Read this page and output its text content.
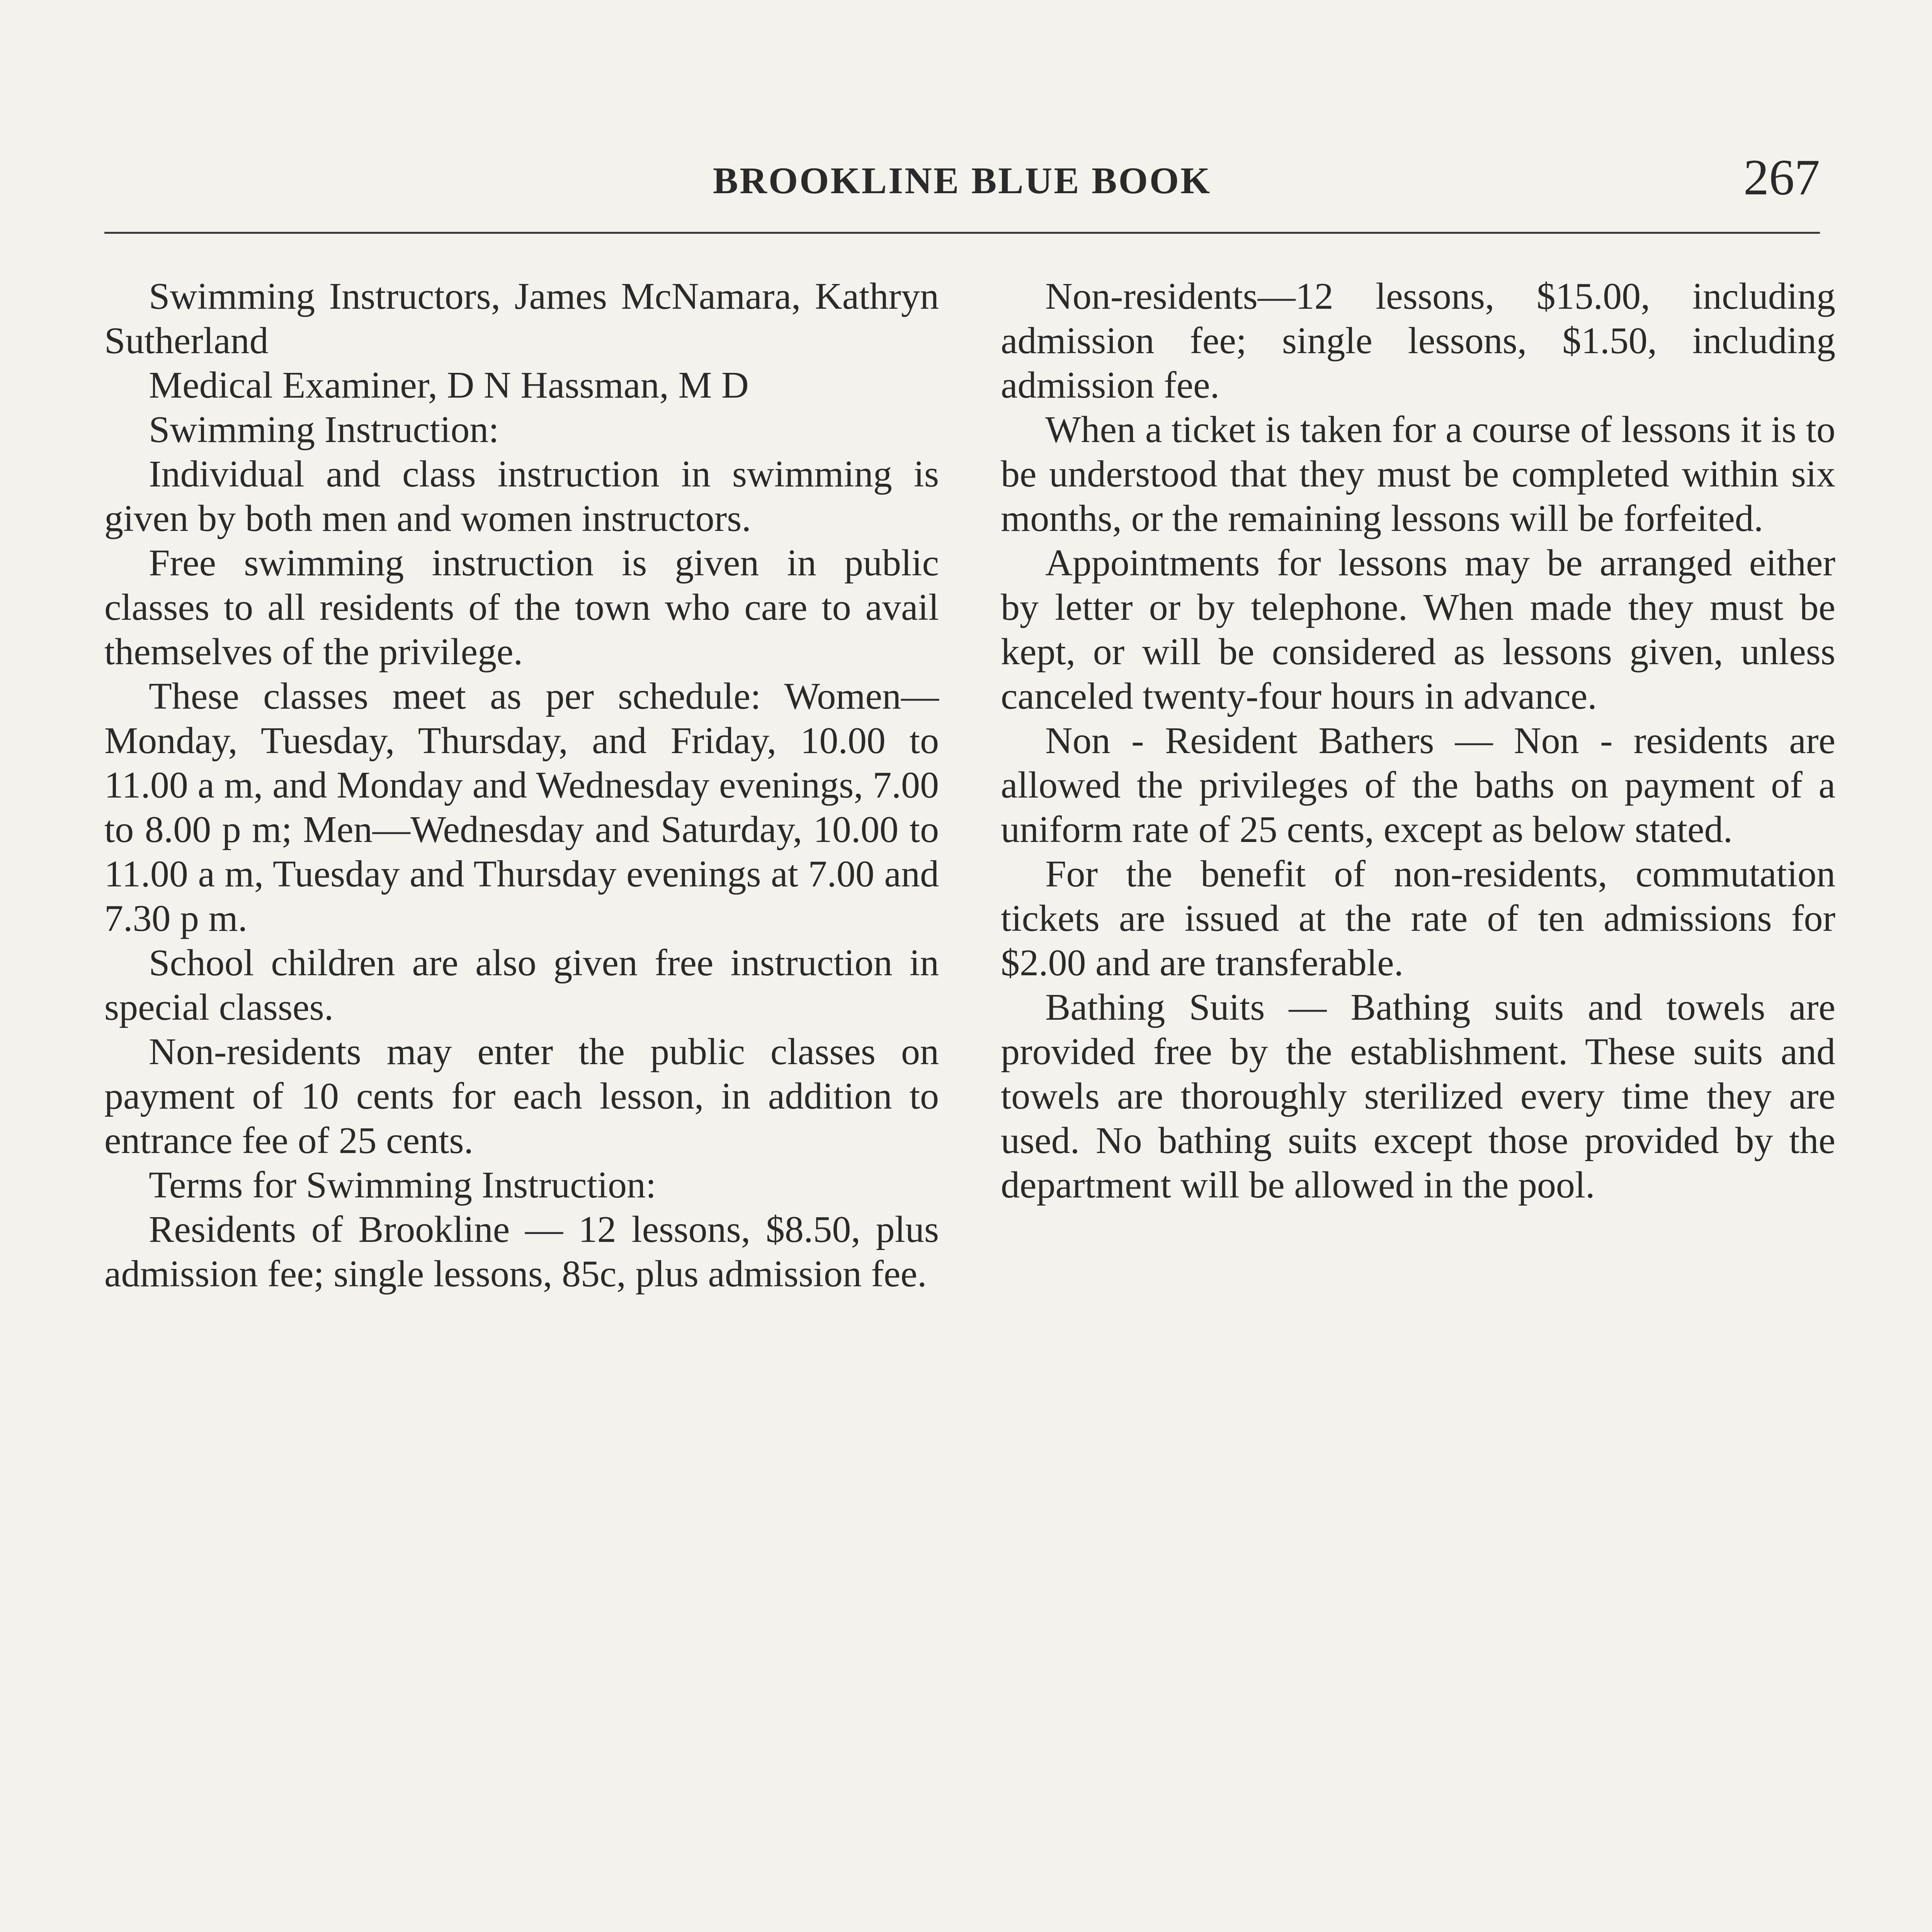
BROOKLINE BLUE BOOK	267

Swimming Instructors, James McNamara, Kathryn Sutherland

Medical Examiner, D N Hassman, M D

Swimming Instruction:

Individual and class instruction in swimming is given by both men and women instructors.

Free swimming instruction is given in public classes to all residents of the town who care to avail themselves of the privilege.

These classes meet as per schedule: Women—Monday, Tuesday, Thursday, and Friday, 10.00 to 11.00 a m, and Monday and Wednesday evenings, 7.00 to 8.00 p m; Men—Wednesday and Saturday, 10.00 to 11.00 a m, Tuesday and Thursday evenings at 7.00 and 7.30 p m.

School children are also given free instruction in special classes.

Non-residents may enter the public classes on payment of 10 cents for each lesson, in addition to entrance fee of 25 cents.

Terms for Swimming Instruction:

Residents of Brookline — 12 lessons, $8.50, plus admission fee; single lessons, 85c, plus admission fee.

Non-residents—12 lessons, $15.00, including admission fee; single lessons, $1.50, including admission fee.

When a ticket is taken for a course of lessons it is to be understood that they must be completed within six months, or the remaining lessons will be forfeited.

Appointments for lessons may be arranged either by letter or by telephone. When made they must be kept, or will be considered as lessons given, unless canceled twenty-four hours in advance.

Non - Resident Bathers — Non - residents are allowed the privileges of the baths on payment of a uniform rate of 25 cents, except as below stated.

For the benefit of non-residents, commutation tickets are issued at the rate of ten admissions for $2.00 and are transferable.

Bathing Suits — Bathing suits and towels are provided free by the establishment. These suits and towels are thoroughly sterilized every time they are used. No bathing suits except those provided by the department will be allowed in the pool.
